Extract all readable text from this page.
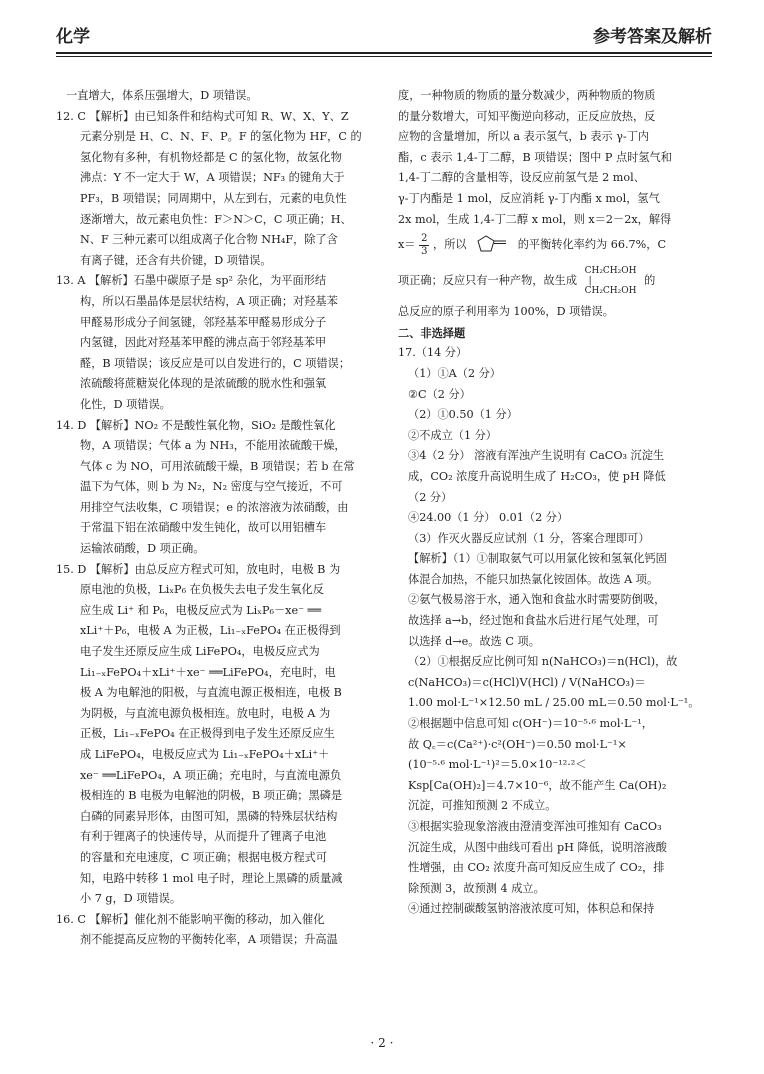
化学	参考答案及解析
一直增大，体系压强增大，D 项错误。
12. C 【解析】由已知条件和结构式可知 R、W、X、Y、Z
元素分别是 H、C、N、F、P。F 的氢化物为 HF，C 的
氢化物有多种，有机物烃都是 C 的氢化物，故氢化物
沸点：Y 不一定大于 W，A 项错误；NF₃ 的键角大于
PF₃，B 项错误；同周期中，从左到右，元素的电负性
逐渐增大，故元素电负性：F＞N＞C，C 项正确；H、
N、F 三种元素可以组成离子化合物 NH₄F，除了含
有离子键，还含有共价键，D 项错误。
13. A 【解析】石墨中碳原子是 sp² 杂化，为平面形结
构，所以石墨晶体是层状结构，A 项正确；对羟基苯
甲醛易形成分子间氢键，邻羟基苯甲醛易形成分子
内氢键，因此对羟基苯甲醛的沸点高于邻羟基苯甲
醛，B 项错误；该反应是可以自发进行的，C 项错误；
浓硫酸将蔗糖炭化体现的是浓硫酸的脱水性和强氧
化性，D 项错误。
14. D 【解析】NO₂ 不是酸性氧化物，SiO₂ 是酸性氧化
物，A 项错误；气体 a 为 NH₃，不能用浓硫酸干燥，
气体 c 为 NO，可用浓硫酸干燥，B 项错误；若 b 在常
温下为气体，则 b 为 N₂，N₂ 密度与空气接近，不可
用排空气法收集，C 项错误；e 的浓溶液为浓硝酸，由
于常温下铝在浓硝酸中发生钝化，故可以用铝槽车
运输浓硝酸，D 项正确。
15. D 【解析】由总反应方程式可知，放电时，电极 B 为
原电池的负极，LiₓP₆ 在负极失去电子发生氧化反
应生成 Li⁺ 和 P₆，电极反应式为 LiₓP₆－xe⁻ ══
xLi⁺＋P₆，电极 A 为正极，Li₁₋ₓFePO₄ 在正极得到
电子发生还原反应生成 LiFePO₄，电极反应式为
Li₁₋ₓFePO₄＋xLi⁺＋xe⁻ ══LiFePO₄，充电时，电
极 A 为电解池的阳极，与直流电源正极相连，电极 B
为阴极，与直流电源负极相连。放电时，电极 A 为
正极，Li₁₋ₓFePO₄ 在正极得到电子发生还原反应生
成 LiFePO₄，电极反应式为 Li₁₋ₓFePO₄＋xLi⁺＋
xe⁻ ══LiFePO₄，A 项正确；充电时，与直流电源负
极相连的 B 电极为电解池的阴极，B 项正确；黑磷是
白磷的同素异形体，由图可知，黑磷的特殊层状结构
有利于锂离子的快速传导，从而提升了锂离子电池
的容量和充电速度，C 项正确；根据电极方程式可
知，电路中转移 1 mol 电子时，理论上黑磷的质量减
小 7 g，D 项错误。
16. C 【解析】催化剂不能影响平衡的移动，加入催化
剂不能提高反应物的平衡转化率，A 项错误；升高温
度，一种物质的物质的量分数减少，两种物质的物质
的量分数增大，可知平衡逆向移动，正反应放热，反
应物的含量增加，所以 a 表示氢气，b 表示 γ-丁内
酯，c 表示 1,4-丁二醇，B 项错误；图中 P 点时氢气和
1,4-丁二醇的含量相等，设反应前氢气是 2 mol、
γ-丁内酯是 1 mol，反应消耗 γ-丁内酯 x mol，氢气
2x mol，生成 1,4-丁二醇 x mol，则 x＝2－2x，解得
$x= \frac{2}{3}$ ，所以	的平衡转化率约为 66.7%，C
项正确；反应只有一种产物，故生成
CH₂CH₂OH
|
CH₂CH₂OH
的
总反应的原子利用率为 100%，D 项错误。
二、非选择题
17.（14 分）
（1）①A（2 分）
②C（2 分）
（2）①0.50（1 分）
②不成立（1 分）
③4（2 分） 溶液有浑浊产生说明有 CaCO₃ 沉淀生
成，CO₂ 浓度升高说明生成了 H₂CO₃，使 pH 降低
（2 分）
④24.00（1 分） 0.01（2 分）
（3）作灭火器反应试剂（1 分，答案合理即可）
【解析】（1）①制取氨气可以用氯化铵和氢氧化钙固
体混合加热，不能只加热氯化铵固体。故选 A 项。
②氨气极易溶于水，通入饱和食盐水时需要防倒吸，
故选择 a→b，经过饱和食盐水后进行尾气处理，可
以选择 d→e。故选 C 项。
（2）①根据反应比例可知 n(NaHCO₃)＝n(HCl)，故
c(NaHCO₃)＝c(HCl)V(HCl) / V(NaHCO₃)＝
1.00 mol·L⁻¹×12.50 mL / 25.00 mL＝0.50 mol·L⁻¹。
②根据题中信息可知 c(OH⁻)＝10⁻⁵·⁶ mol·L⁻¹，
故 Q꜀＝c(Ca²⁺)·c²(OH⁻)＝0.50 mol·L⁻¹×
(10⁻⁵·⁶ mol·L⁻¹)²＝5.0×10⁻¹²·²＜
Ksp[Ca(OH)₂]＝4.7×10⁻⁶，故不能产生 Ca(OH)₂
沉淀，可推知预测 2 不成立。
③根据实验现象溶液由澄清变浑浊可推知有 CaCO₃
沉淀生成，从图中曲线可看出 pH 降低，说明溶液酸
性增强，由 CO₂ 浓度升高可知反应生成了 CO₂，排
除预测 3，故预测 4 成立。
④通过控制碳酸氢钠溶液浓度可知，体积总和保持
· 2 ·
